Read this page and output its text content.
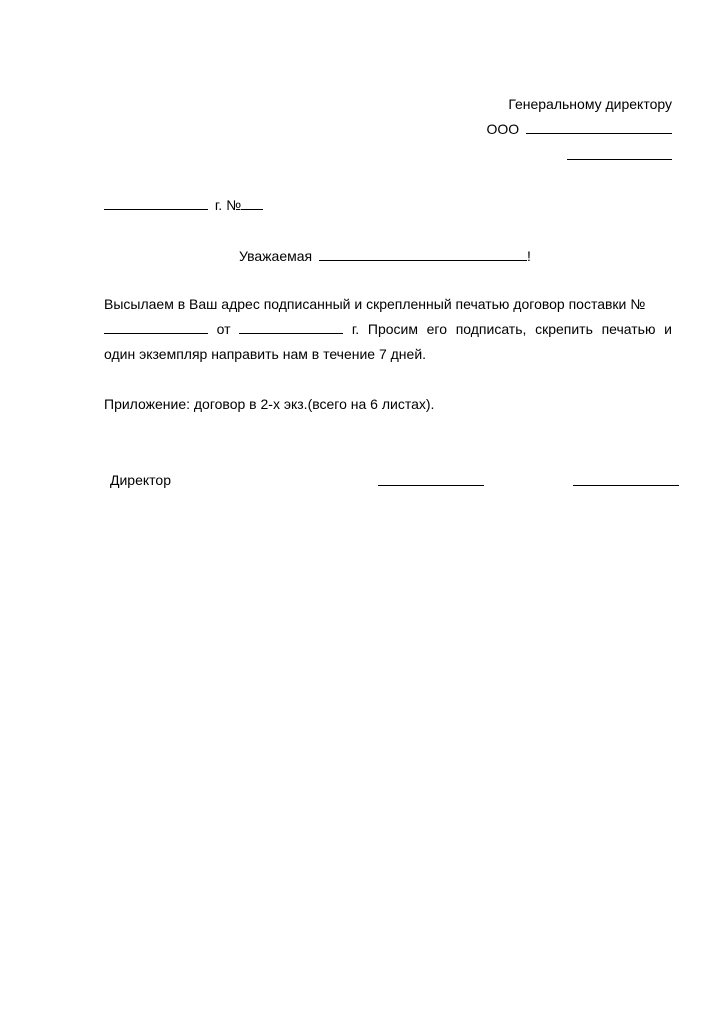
Генеральному директору
ООО
г. №
Уважаемая	!
Высылаем в Ваш адрес подписанный и скрепленный печатью договор поставки №
от	г. Просим его подписать, скрепить печатью и
один экземпляр направить нам в течение 7 дней.
Приложение: договор в 2-х экз.(всего на 6 листах).
Директор
